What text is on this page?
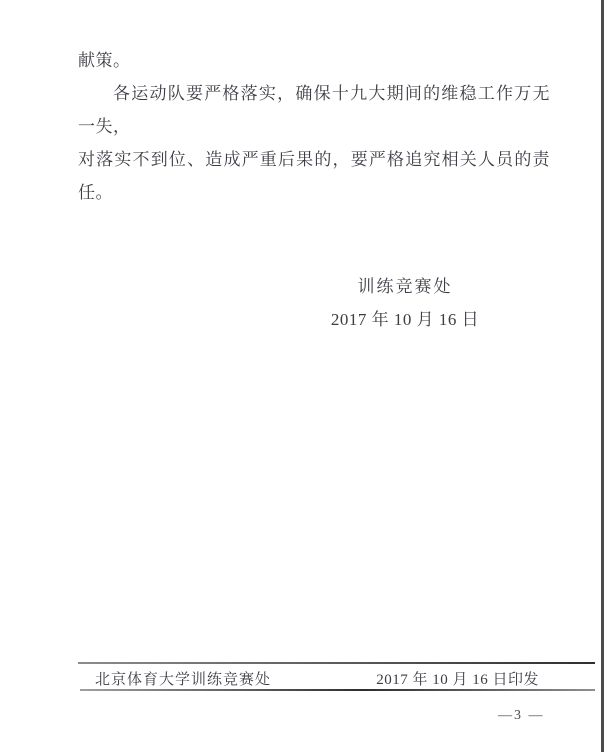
献策。
各运动队要严格落实，确保十九大期间的维稳工作万无一失，
对落实不到位、造成严重后果的，要严格追究相关人员的责任。
训练竞赛处
2017 年 10 月 16 日
北京体育大学训练竞赛处	2017 年 10 月 16 日印发
—3 —
